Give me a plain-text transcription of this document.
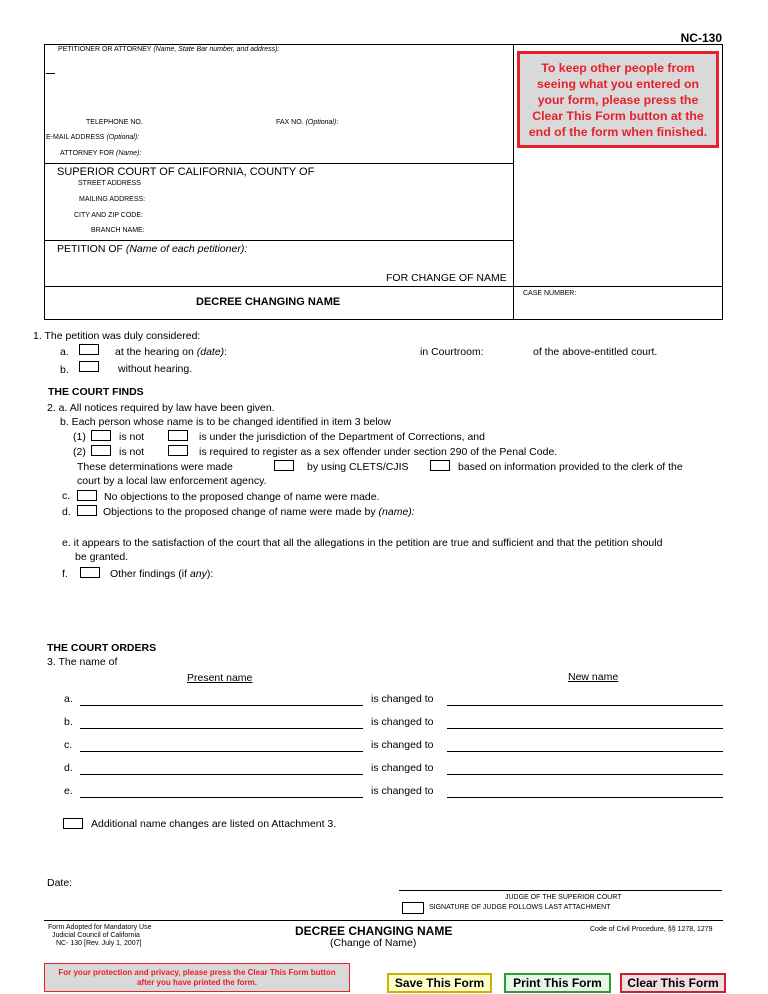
NC-130
PETITIONER OR ATTORNEY (Name, State Bar number, and address):
TELEPHONE NO.	FAX NO. (Optional):
E-MAIL ADDRESS (Optional):
ATTORNEY FOR (Name):
SUPERIOR COURT OF CALIFORNIA, COUNTY OF
STREET ADDRESS
MAILING ADDRESS:
CITY AND ZIP CODE:
BRANCH NAME:
PETITION OF (Name of each petitioner):
FOR CHANGE OF NAME
DECREE CHANGING NAME
CASE NUMBER:
To keep other people from seeing what you entered on your form, please press the Clear This Form button at the end of the form when finished.
1. The petition was duly considered:
a.	at the hearing on (date):	in Courtroom:	of the above-entitled court.
b.	without hearing.
THE COURT FINDS
2. a. All notices required by law have been given.
b. Each person whose name is to be changed identified in item 3 below
(1)	is not	is under the jurisdiction of the Department of Corrections, and
(2)	is not	is required to register as a sex offender under section 290 of the Penal Code.
These determinations were made	by using CLETS/CJIS	based on information provided to the clerk of the
court by a local law enforcement agency.
c.	No objections to the proposed change of name were made.
d.	Objections to the proposed change of name were made by (name):
e. it appears to the satisfaction of the court that all the allegations in the petition are true and sufficient and that the petition should
be granted.
f.	Other findings (if any):
THE COURT ORDERS
3. The name of
Present name	New name
a.	is changed to
b.	is changed to
c.	is changed to
d.	is changed to
e.	is changed to
Additional name changes are listed on Attachment 3.
Date:
JUDGE OF THE SUPERIOR COURT
SIGNATURE OF JUDGE FOLLOWS LAST ATTACHMENT
Form Adopted for Mandatory Use
Judicial Council of California
NC- 130 [Rev. July 1, 2007]
DECREE CHANGING NAME
(Change of Name)
Code of Civil Procedure, §§ 1278, 1279
For your protection and privacy, please press the Clear This Form button after you have printed the form.	Save This Form	Print This Form	Clear This Form
